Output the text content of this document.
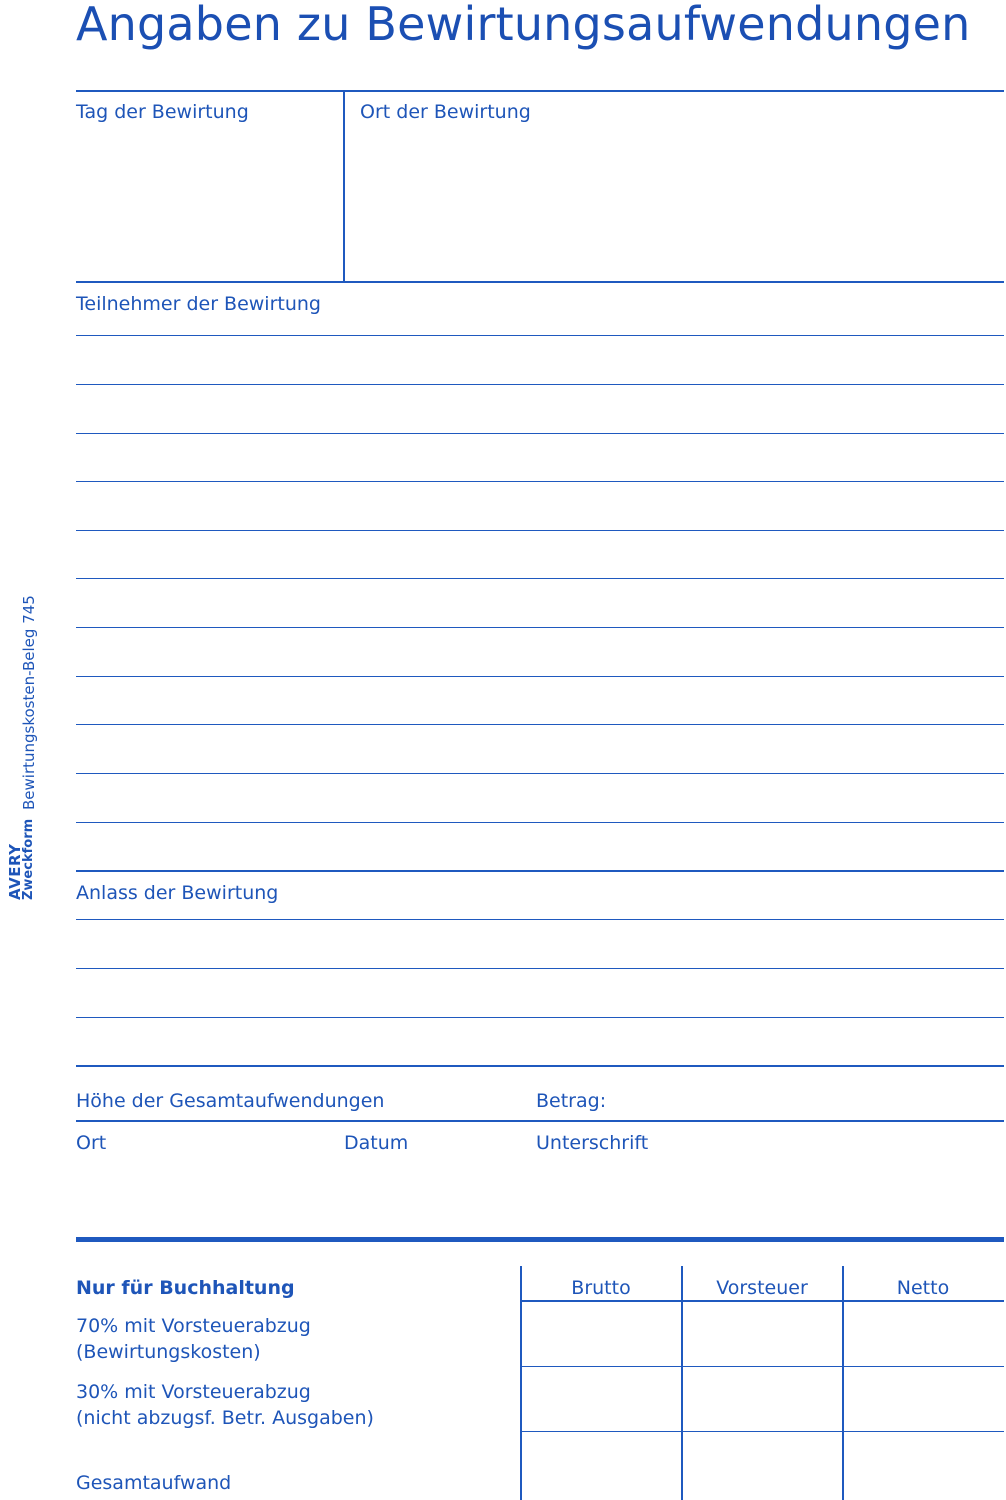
Angaben zu Bewirtungsaufwendungen
Tag der Bewirtung	Ort der Bewirtung
Teilnehmer der Bewirtung
Anlass der Bewirtung
Höhe der Gesamtaufwendungen	Betrag:
Ort	Datum	Unterschrift
Nur für Buchhaltung
70% mit Vorsteuerabzug
(Bewirtungskosten)
30% mit Vorsteuerabzug
(nicht abzugsf. Betr. Ausgaben)
Gesamtaufwand
Brutto	Vorsteuer	Netto
Bewirtungskosten-Beleg 745
AVERY
Zweckform
